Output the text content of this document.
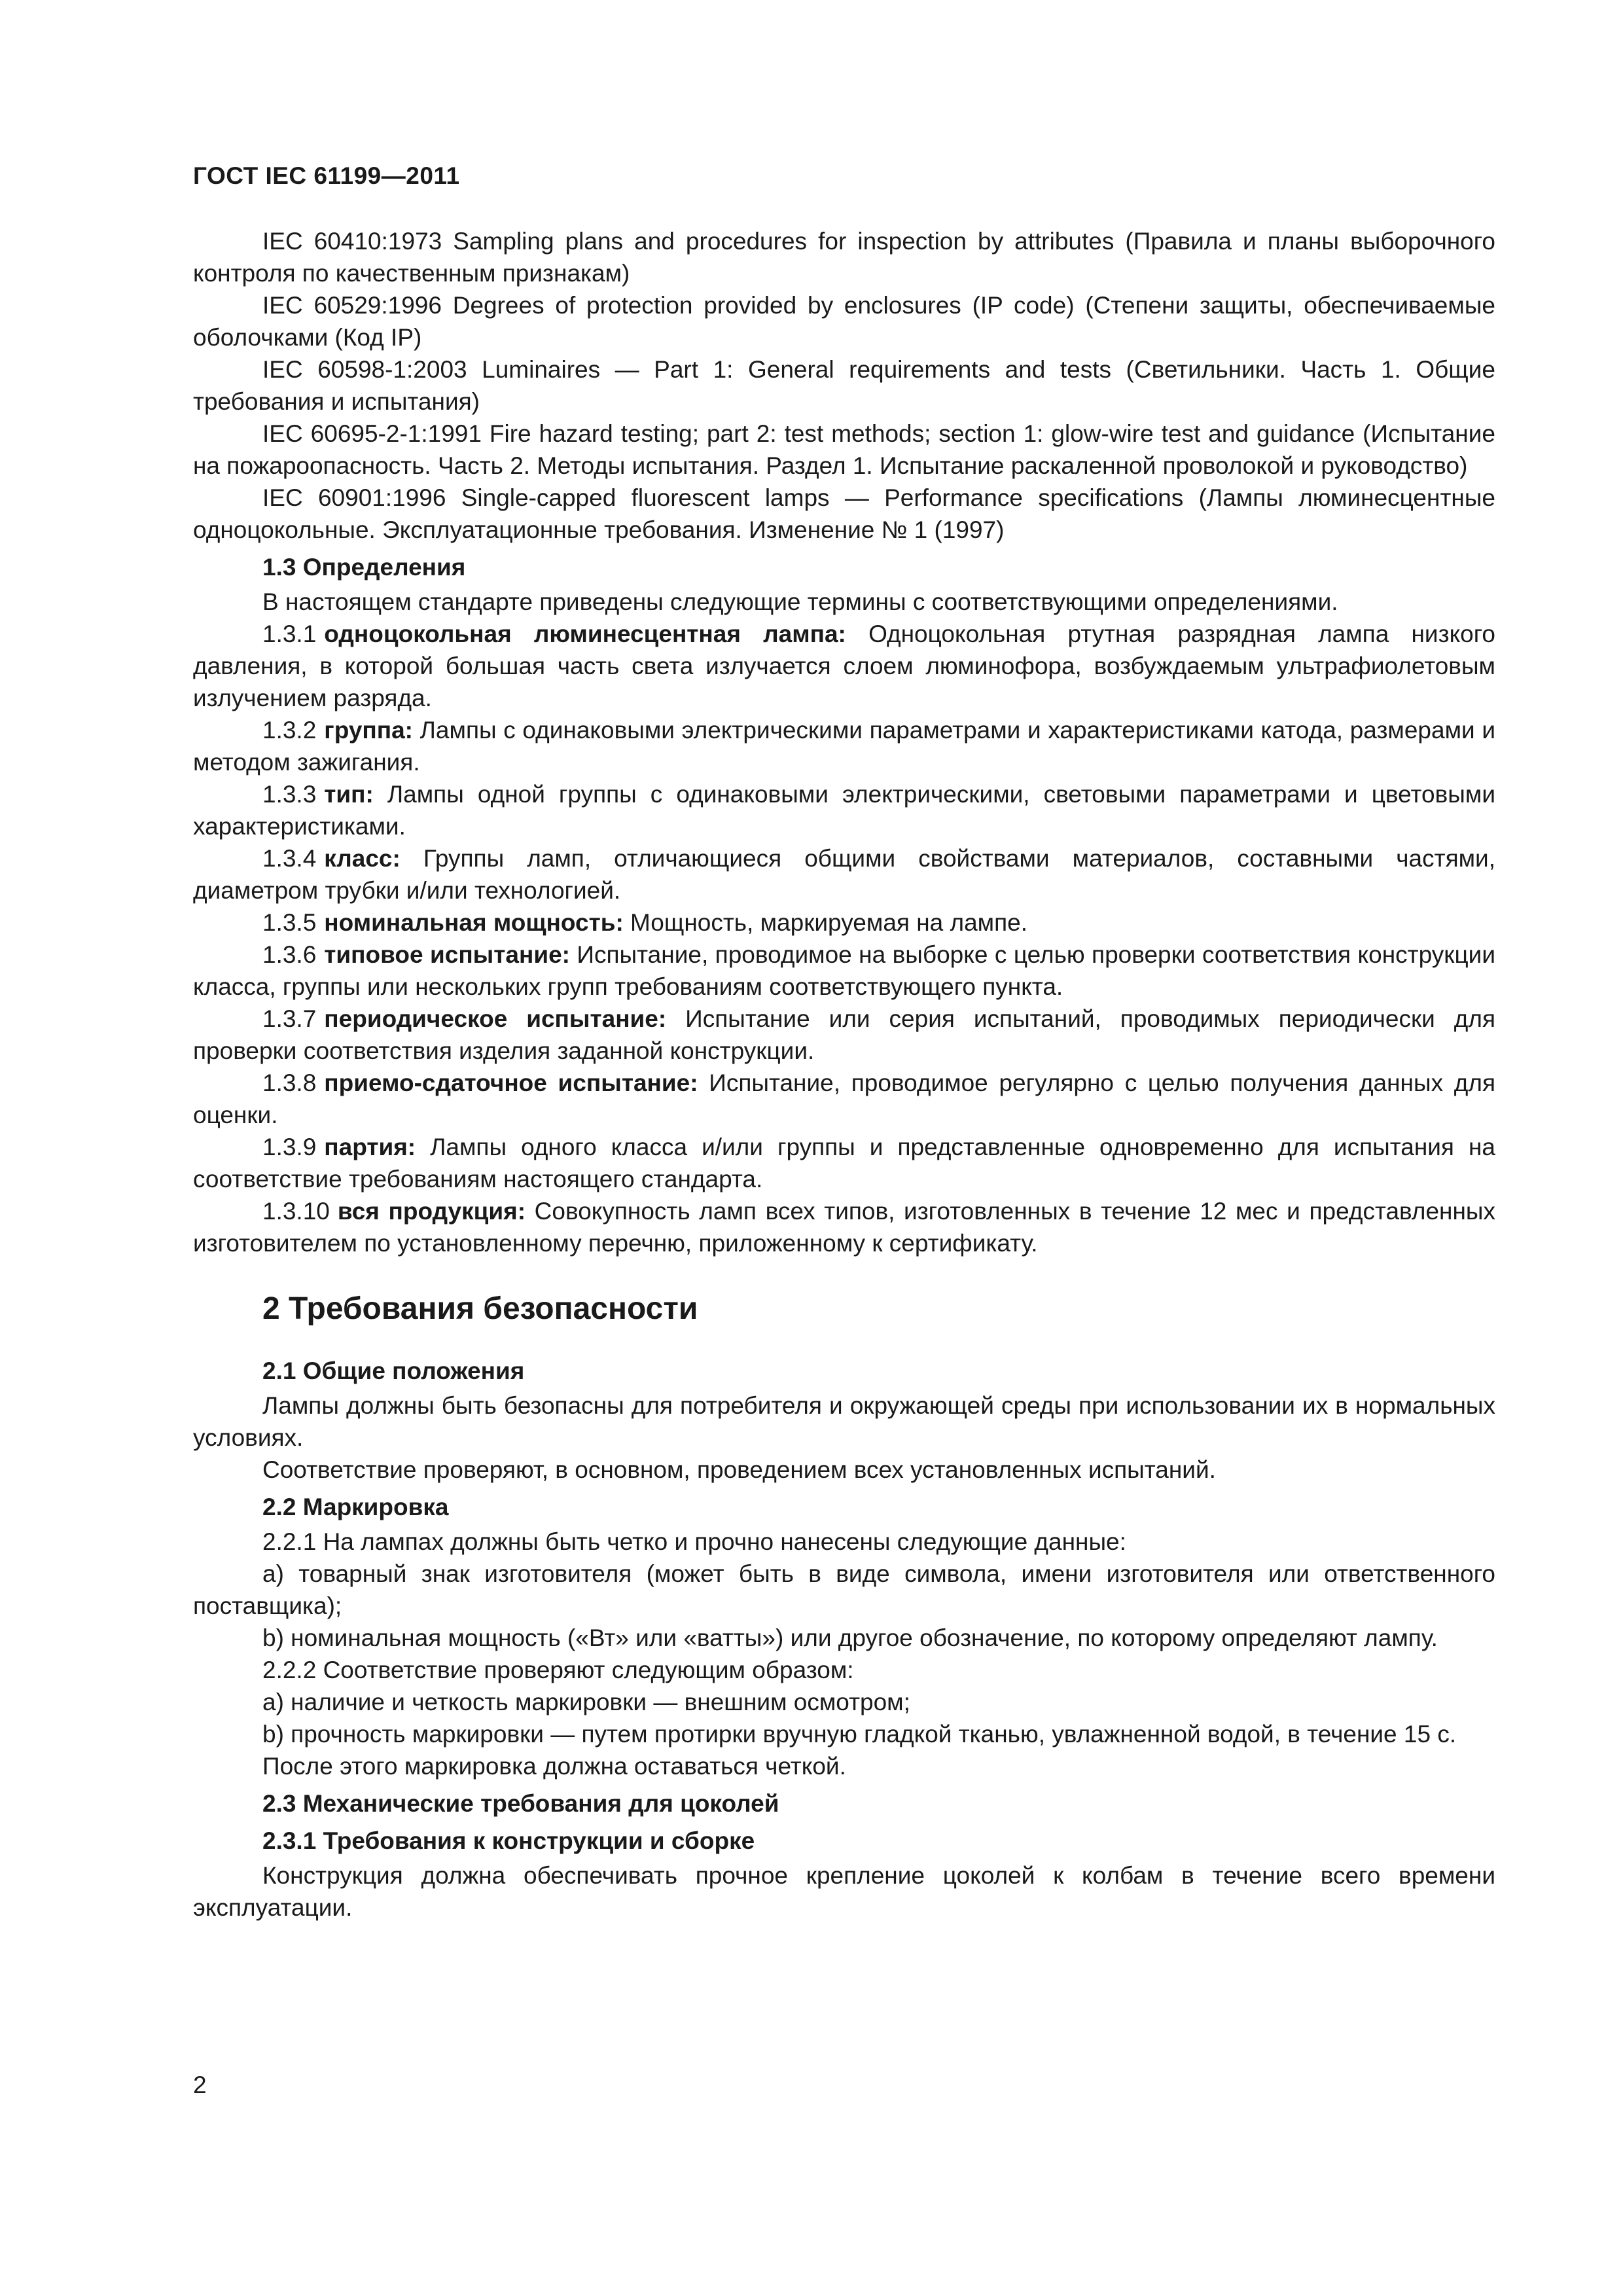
ГОСТ IEC 61199—2011

IEC 60410:1973 Sampling plans and procedures for inspection by attributes (Правила и планы выборочного контроля по качественным признакам)

IEC 60529:1996 Degrees of protection provided by enclosures (IP code) (Степени защиты, обеспечиваемые оболочками (Код IP)

IEC 60598-1:2003 Luminaires — Part 1: General requirements and tests (Светильники. Часть 1. Общие требования и испытания)

IEC 60695-2-1:1991 Fire hazard testing; part 2: test methods; section 1: glow-wire test and guidance (Испытание на пожароопасность. Часть 2. Методы испытания. Раздел 1. Испытание раскаленной проволокой и руководство)

IEC 60901:1996 Single-capped fluorescent lamps — Performance specifications (Лампы люминесцентные одноцокольные. Эксплуатационные требования. Изменение № 1 (1997)

1.3 Определения

В настоящем стандарте приведены следующие термины с соответствующими определениями.

1.3.1 одноцокольная люминесцентная лампа: Одноцокольная ртутная разрядная лампа низкого давления, в которой большая часть света излучается слоем люминофора, возбуждаемым ультрафиолетовым излучением разряда.

1.3.2 группа: Лампы с одинаковыми электрическими параметрами и характеристиками катода, размерами и методом зажигания.

1.3.3 тип: Лампы одной группы с одинаковыми электрическими, световыми параметрами и цветовыми характеристиками.

1.3.4 класс: Группы ламп, отличающиеся общими свойствами материалов, составными частями, диаметром трубки и/или технологией.

1.3.5 номинальная мощность: Мощность, маркируемая на лампе.

1.3.6 типовое испытание: Испытание, проводимое на выборке с целью проверки соответствия конструкции класса, группы или нескольких групп требованиям соответствующего пункта.

1.3.7 периодическое испытание: Испытание или серия испытаний, проводимых периодически для проверки соответствия изделия заданной конструкции.

1.3.8 приемо-сдаточное испытание: Испытание, проводимое регулярно с целью получения данных для оценки.

1.3.9 партия: Лампы одного класса и/или группы и представленные одновременно для испытания на соответствие требованиям настоящего стандарта.

1.3.10 вся продукция: Совокупность ламп всех типов, изготовленных в течение 12 мес и представленных изготовителем по установленному перечню, приложенному к сертификату.

2 Требования безопасности

2.1 Общие положения

Лампы должны быть безопасны для потребителя и окружающей среды при использовании их в нормальных условиях.

Соответствие проверяют, в основном, проведением всех установленных испытаний.

2.2 Маркировка

2.2.1 На лампах должны быть четко и прочно нанесены следующие данные:

a) товарный знак изготовителя (может быть в виде символа, имени изготовителя или ответственного поставщика);

b) номинальная мощность («Вт» или «ватты») или другое обозначение, по которому определяют лампу.

2.2.2 Соответствие проверяют следующим образом:

a) наличие и четкость маркировки — внешним осмотром;

b) прочность маркировки — путем протирки вручную гладкой тканью, увлажненной водой, в течение 15 с.

После этого маркировка должна оставаться четкой.

2.3 Механические требования для цоколей

2.3.1 Требования к конструкции и сборке

Конструкция должна обеспечивать прочное крепление цоколей к колбам в течение всего времени эксплуатации.

2
